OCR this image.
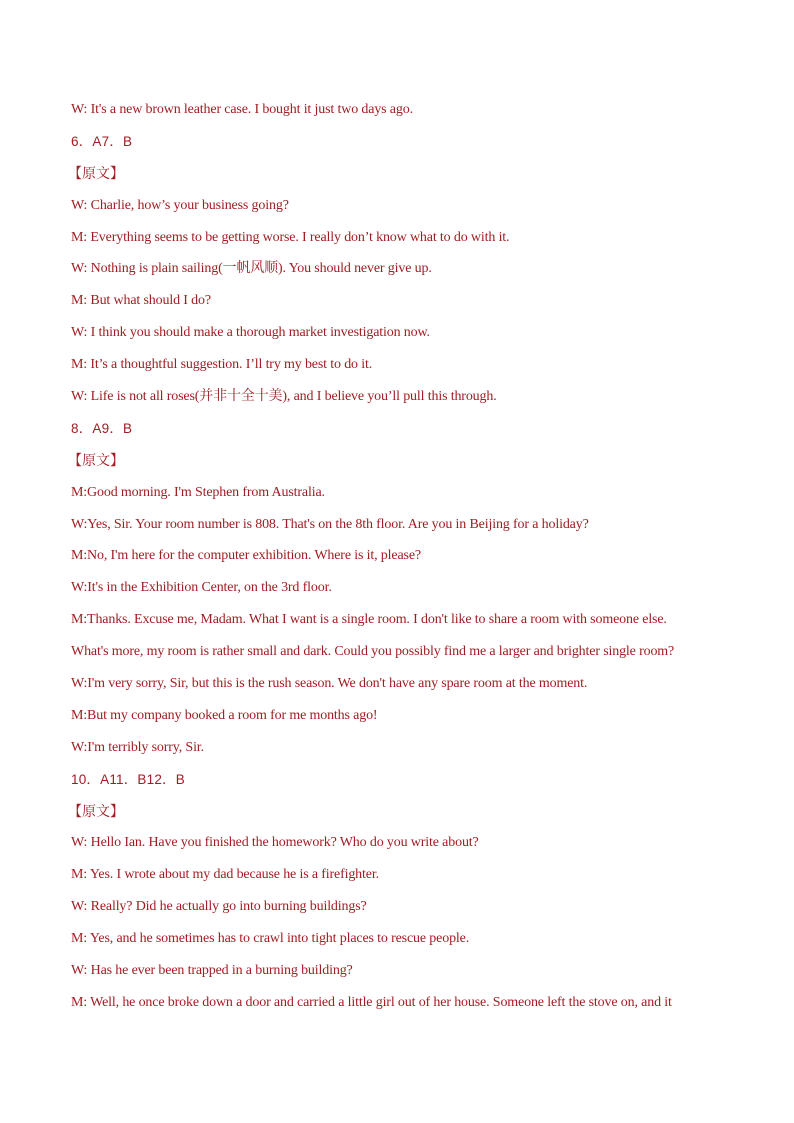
W: It's a new brown leather case. I bought it just two days ago.
6．A7．B
【原文】
W: Charlie, how’s your business going?
M: Everything seems to be getting worse. I really don’t know what to do with it.
W: Nothing is plain sailing(一帆风顺). You should never give up.
M: But what should I do?
W: I think you should make a thorough market investigation now.
M: It’s a thoughtful suggestion. I’ll try my best to do it.
W: Life is not all roses(并非十全十美), and I believe you’ll pull this through.
8．A9．B
【原文】
M:Good morning. I'm Stephen from Australia.
W:Yes, Sir. Your room number is 808. That's on the 8th floor. Are you in Beijing for a holiday?
M:No, I'm here for the computer exhibition. Where is it, please?
W:It's in the Exhibition Center, on the 3rd floor.
M:Thanks. Excuse me, Madam. What I want is a single room. I don't like to share a room with someone else.
What's more, my room is rather small and dark. Could you possibly find me a larger and brighter single room?
W:I'm very sorry, Sir, but this is the rush season. We don't have any spare room at the moment.
M:But my company booked a room for me months ago!
W:I'm terribly sorry, Sir.
10．A11．B12．B
【原文】
W: Hello Ian. Have you finished the homework? Who do you write about?
M: Yes. I wrote about my dad because he is a firefighter.
W: Really? Did he actually go into burning buildings?
M: Yes, and he sometimes has to crawl into tight places to rescue people.
W: Has he ever been trapped in a burning building?
M: Well, he once broke down a door and carried a little girl out of her house. Someone left the stove on, and it
